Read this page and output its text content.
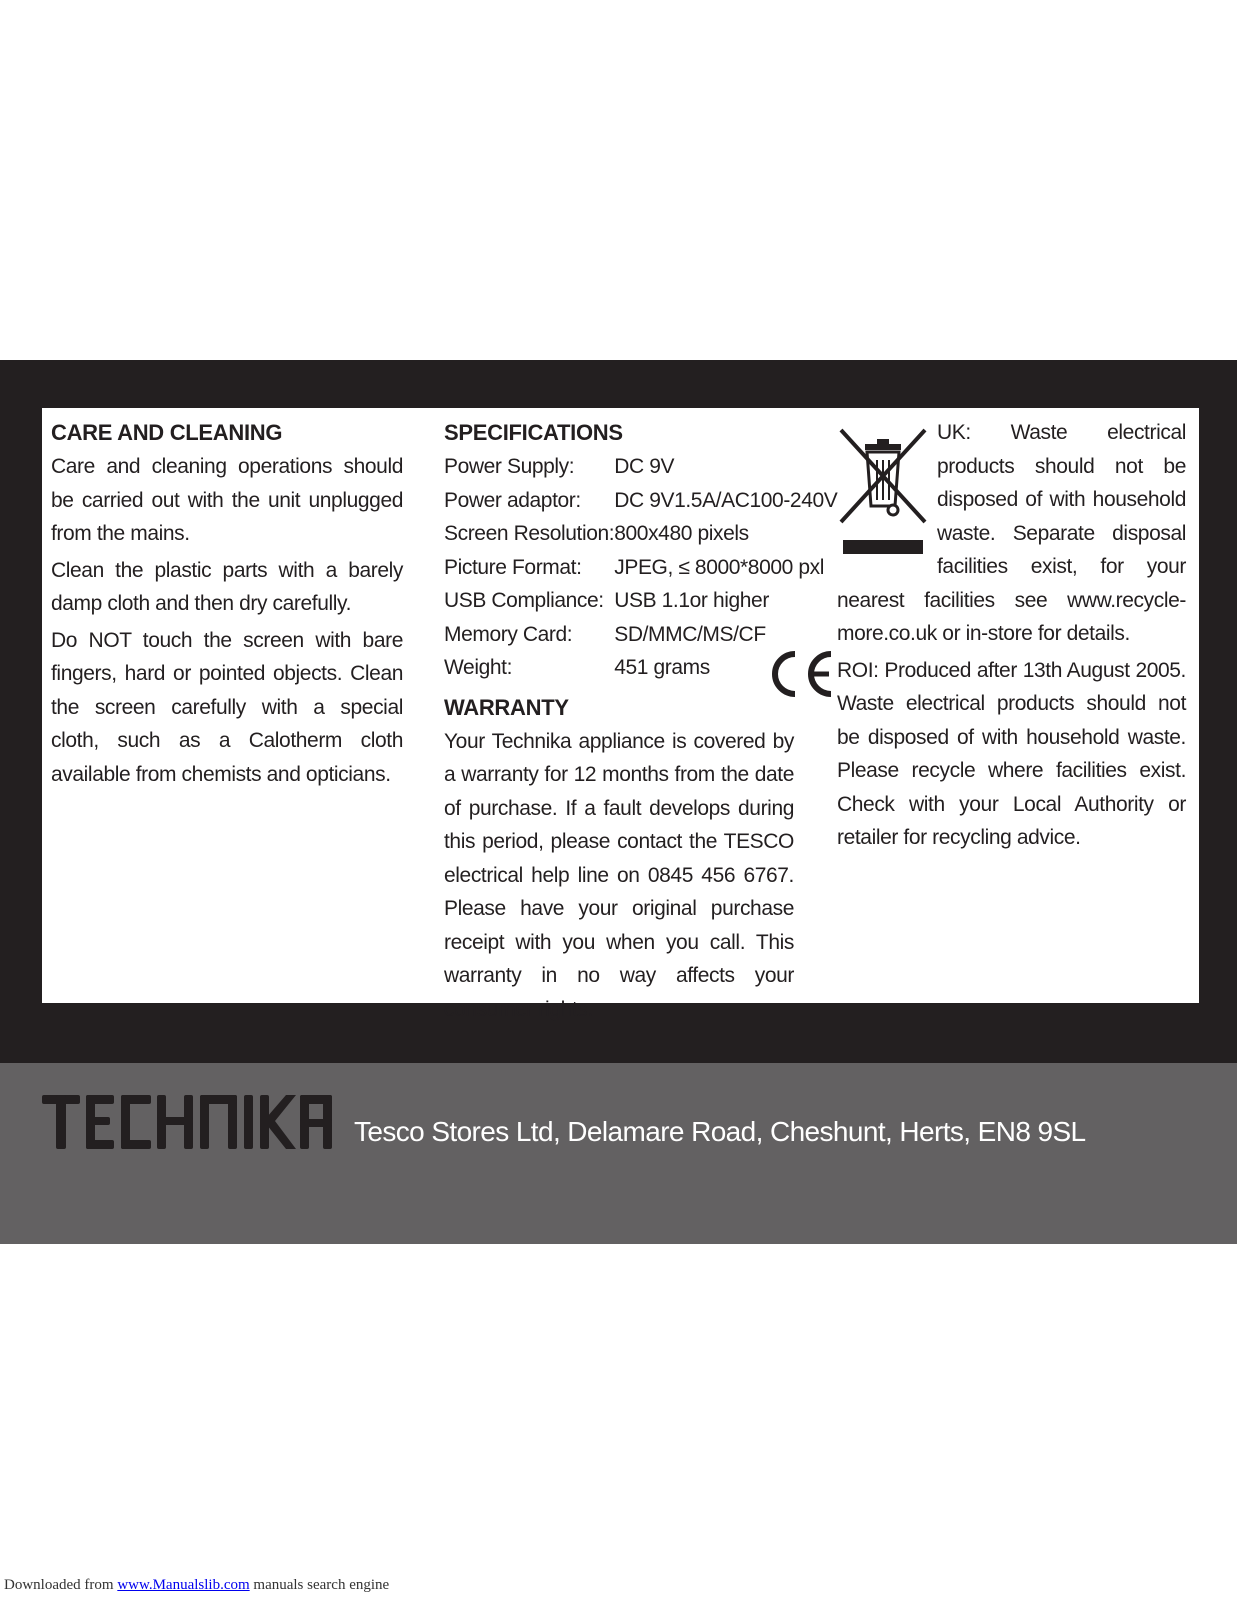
CARE AND CLEANING

Care and cleaning operations should be carried out with the unit unplugged from the mains.

Clean the plastic parts with a barely damp cloth and then dry carefully.

Do NOT touch the screen with bare fingers, hard or pointed objects. Clean the screen carefully with a special cloth, such as a Calotherm cloth available from chemists and opticians.

SPECIFICATIONS
Power Supply:	DC 9V
Power adaptor:	DC 9V1.5A/AC100-240V
Screen Resolution:	800x480 pixels
Picture Format:	JPEG, ≤ 8000*8000 pxl
USB Compliance:	USB 1.1or higher
Memory Card:	SD/MMC/MS/CF
Weight:	451 grams
WARRANTY

Your Technika appliance is covered by a warranty for 12 months from the date of purchase. If a fault develops during this period, please contact the TESCO electrical help line on 0845 456 6767. Please have your original purchase receipt with you when you call. This warranty in no way affects your consumer rights.

UK: Waste electrical products should not be disposed of with household waste. Separate disposal facilities exist, for your nearest facilities see www.recycle-more.co.uk or in-store for details.

ROI: Produced after 13th August 2005. Waste electrical products should not be disposed of with household waste. Please recycle where facilities exist. Check with your Local Authority or retailer for recycling advice.

Tesco Stores Ltd, Delamare Road, Cheshunt, Herts, EN8 9SL
Downloaded from www.Manualslib.com manuals search engine
